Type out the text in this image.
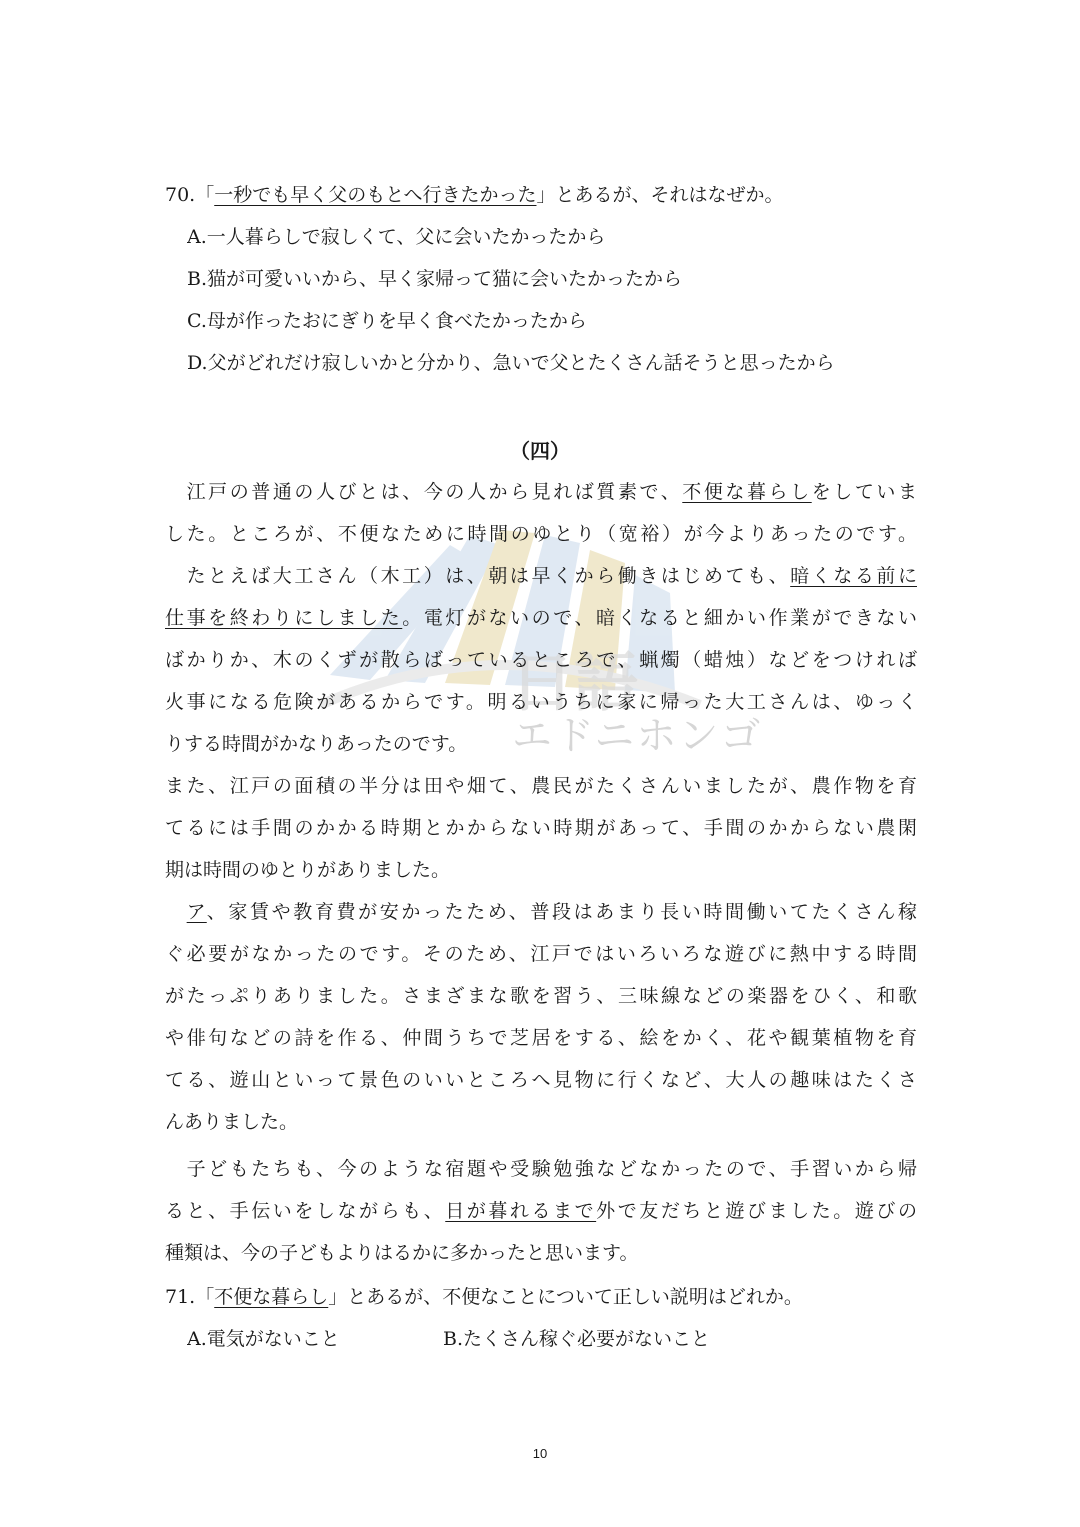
日語
エドニホンゴ
70.「一秒でも早く父のもとへ行きたかった」とあるが、それはなぜか。
A.一人暮らしで寂しくて、父に会いたかったから
B.猫が可愛いいから、早く家帰って猫に会いたかったから
C.母が作ったおにぎりを早く食べたかったから
D.父がどれだけ寂しいかと分かり、急いで父とたくさん話そうと思ったから
（四）
　江戸の普通の人びとは、今の人から見れば質素で、不便な暮らしをしていま
した。ところが、不便なために時間のゆとり（宽裕）が今よりあったのです。
　たとえば大工さん（木工）は、朝は早くから働きはじめても、暗くなる前に
仕事を終わりにしました。電灯がないので、暗くなると細かい作業ができない
ばかりか、木のくずが散らばっているところで、蝋燭（蜡烛）などをつければ
火事になる危険があるからです。明るいうちに家に帰った大工さんは、ゆっく
りする時間がかなりあったのです。
また、江戸の面積の半分は田や畑て、農民がたくさんいましたが、農作物を育
てるには手間のかかる時期とかからない時期があって、手間のかからない農閑
期は時間のゆとりがありました。
　ア、家賃や教育費が安かったため、普段はあまり長い時間働いてたくさん稼
ぐ必要がなかったのです。そのため、江戸ではいろいろな遊びに熱中する時間
がたっぷりありました。さまざまな歌を習う、三味線などの楽器をひく、和歌
や俳句などの詩を作る、仲間うちで芝居をする、絵をかく、花や観葉植物を育
てる、遊山といって景色のいいところへ見物に行くなど、大人の趣味はたくさ
んありました。
　子どもたちも、今のような宿題や受験勉強などなかったので、手習いから帰
ると、手伝いをしながらも、日が暮れるまで外で友だちと遊びました。遊びの
種類は、今の子どもよりはるかに多かったと思います。
71.「不便な暮らし」とあるが、不便なことについて正しい説明はどれか。
A.電気がないこと	B.たくさん稼ぐ必要がないこと
10
